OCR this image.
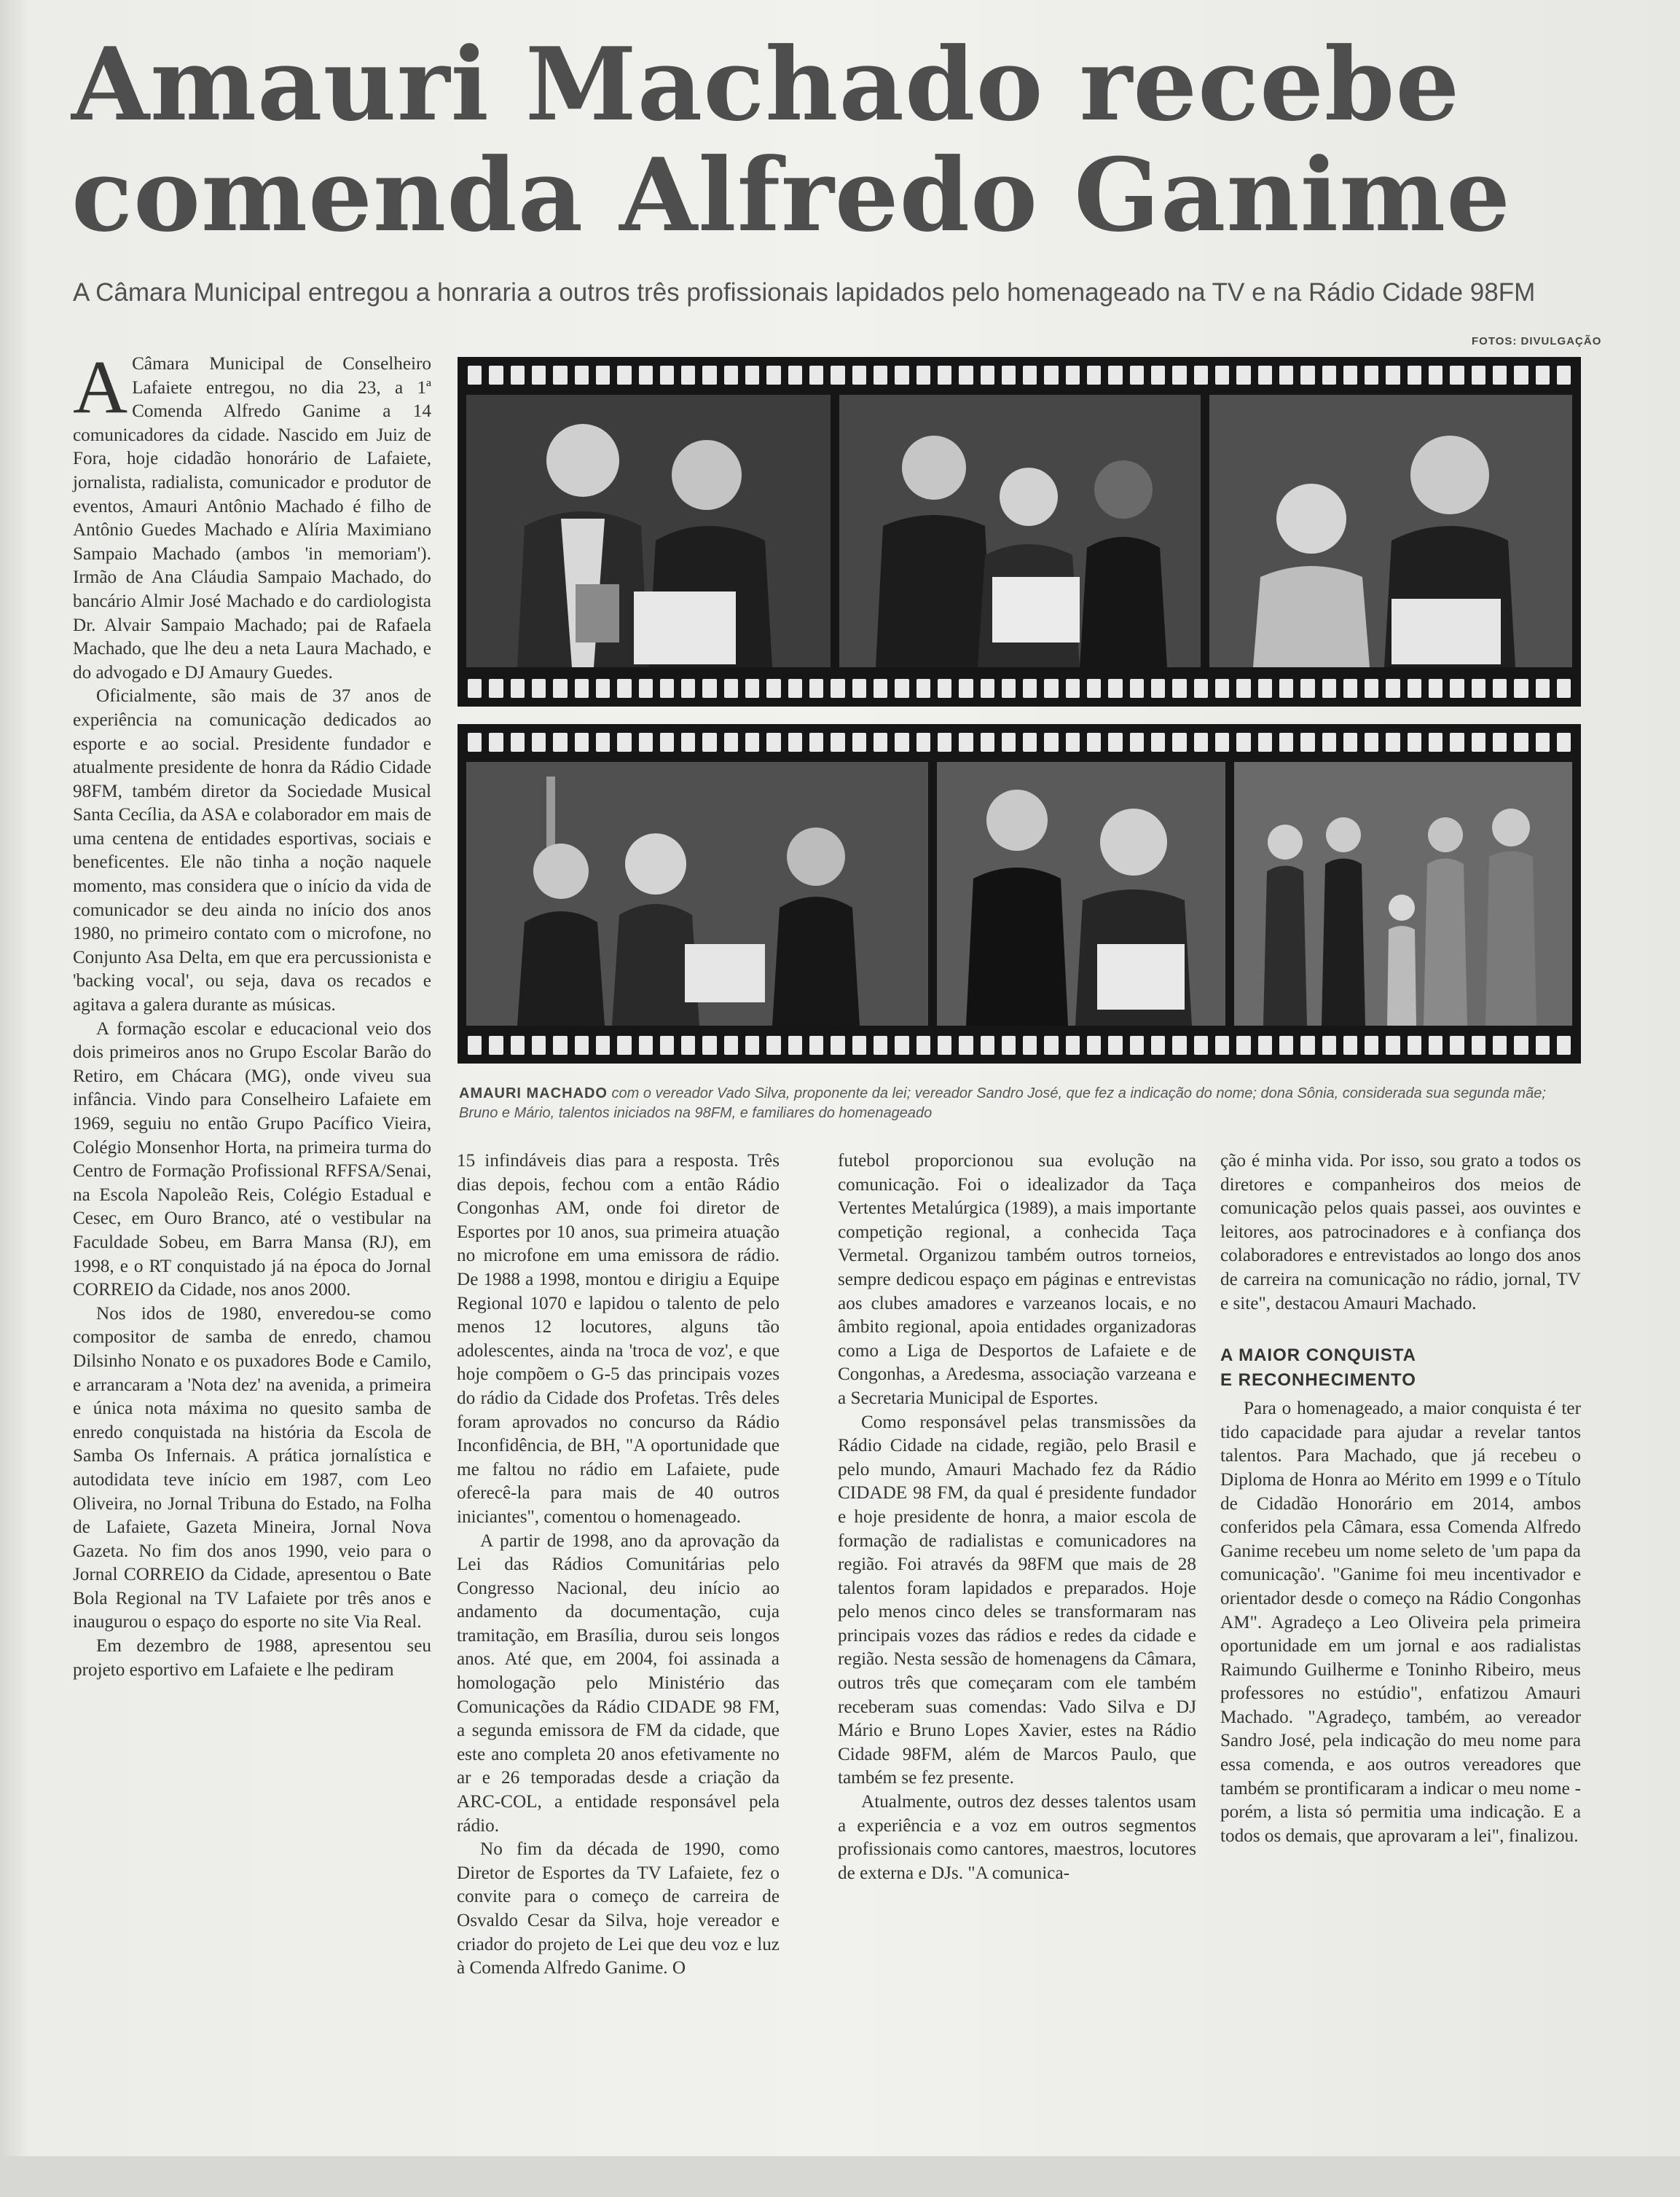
Amauri Machado recebe
comenda Alfredo Ganime
A Câmara Municipal entregou a honraria a outros três profissionais lapidados pelo homenageado na TV e na Rádio Cidade 98FM
FOTOS: DIVULGAÇÃO

A Câmara Municipal de Conselheiro Lafaiete entregou, no dia 23, a 1ª Comenda Alfredo Ganime a 14 comunicadores da cidade. Nascido em Juiz de Fora, hoje cidadão honorário de Lafaiete, jornalista, radialista, comunicador e produtor de eventos, Amauri Antônio Machado é filho de Antônio Guedes Machado e Alíria Maximiano Sampaio Machado (ambos 'in memoriam'). Irmão de Ana Cláudia Sampaio Machado, do bancário Almir José Machado e do cardiologista Dr. Alvair Sampaio Machado; pai de Rafaela Machado, que lhe deu a neta Laura Machado, e do advogado e DJ Amaury Guedes.

Oficialmente, são mais de 37 anos de experiência na comunicação dedicados ao esporte e ao social. Presidente fundador e atualmente presidente de honra da Rádio Cidade 98FM, também diretor da Sociedade Musical Santa Cecília, da ASA e colaborador em mais de uma centena de entidades esportivas, sociais e beneficentes. Ele não tinha a noção naquele momento, mas considera que o início da vida de comunicador se deu ainda no início dos anos 1980, no primeiro contato com o microfone, no Conjunto Asa Delta, em que era percussionista e 'backing vocal', ou seja, dava os recados e agitava a galera durante as músicas.

A formação escolar e educacional veio dos dois primeiros anos no Grupo Escolar Barão do Retiro, em Chácara (MG), onde viveu sua infância. Vindo para Conselheiro Lafaiete em 1969, seguiu no então Grupo Pacífico Vieira, Colégio Monsenhor Horta, na primeira turma do Centro de Formação Profissional RFFSA/Senai, na Escola Napoleão Reis, Colégio Estadual e Cesec, em Ouro Branco, até o vestibular na Faculdade Sobeu, em Barra Mansa (RJ), em 1998, e o RT conquistado já na época do Jornal CORREIO da Cidade, nos anos 2000.

Nos idos de 1980, enveredou-se como compositor de samba de enredo, chamou Dilsinho Nonato e os puxadores Bode e Camilo, e arrancaram a 'Nota dez' na avenida, a primeira e única nota máxima no quesito samba de enredo conquistada na história da Escola de Samba Os Infernais. A prática jornalística e autodidata teve início em 1987, com Leo Oliveira, no Jornal Tribuna do Estado, na Folha de Lafaiete, Gazeta Mineira, Jornal Nova Gazeta. No fim dos anos 1990, veio para o Jornal CORREIO da Cidade, apresentou o Bate Bola Regional na TV Lafaiete por três anos e inaugurou o espaço do esporte no site Via Real.

Em dezembro de 1988, apresentou seu projeto esportivo em Lafaiete e lhe pediram

AMAURI MACHADO com o vereador Vado Silva, proponente da lei; vereador Sandro José, que fez a indicação do nome; dona Sônia, considerada sua segunda mãe; Bruno e Mário, talentos iniciados na 98FM, e familiares do homenageado

15 infindáveis dias para a resposta. Três dias depois, fechou com a então Rádio Congonhas AM, onde foi diretor de Esportes por 10 anos, sua primeira atuação no microfone em uma emissora de rádio. De 1988 a 1998, montou e dirigiu a Equipe Regional 1070 e lapidou o talento de pelo menos 12 locutores, alguns tão adolescentes, ainda na 'troca de voz', e que hoje compõem o G-5 das principais vozes do rádio da Cidade dos Profetas. Três deles foram aprovados no concurso da Rádio Inconfidência, de BH, "A oportunidade que me faltou no rádio em Lafaiete, pude oferecê-la para mais de 40 outros iniciantes", comentou o homenageado.

A partir de 1998, ano da aprovação da Lei das Rádios Comunitárias pelo Congresso Nacional, deu início ao andamento da documentação, cuja tramitação, em Brasília, durou seis longos anos. Até que, em 2004, foi assinada a homologação pelo Ministério das Comunicações da Rádio CIDADE 98 FM, a segunda emissora de FM da cidade, que este ano completa 20 anos efetivamente no ar e 26 temporadas desde a criação da ARC-COL, a entidade responsável pela rádio.

No fim da década de 1990, como Diretor de Esportes da TV Lafaiete, fez o convite para o começo de carreira de Osvaldo Cesar da Silva, hoje vereador e criador do projeto de Lei que deu voz e luz à Comenda Alfredo Ganime. O

futebol proporcionou sua evolução na comunicação. Foi o idealizador da Taça Vertentes Metalúrgica (1989), a mais importante competição regional, a conhecida Taça Vermetal. Organizou também outros torneios, sempre dedicou espaço em páginas e entrevistas aos clubes amadores e varzeanos locais, e no âmbito regional, apoia entidades organizadoras como a Liga de Desportos de Lafaiete e de Congonhas, a Aredesma, associação varzeana e a Secretaria Municipal de Esportes.

Como responsável pelas transmissões da Rádio Cidade na cidade, região, pelo Brasil e pelo mundo, Amauri Machado fez da Rádio CIDADE 98 FM, da qual é presidente fundador e hoje presidente de honra, a maior escola de formação de radialistas e comunicadores na região. Foi através da 98FM que mais de 28 talentos foram lapidados e preparados. Hoje pelo menos cinco deles se transformaram nas principais vozes das rádios e redes da cidade e região. Nesta sessão de homenagens da Câmara, outros três que começaram com ele também receberam suas comendas: Vado Silva e DJ Mário e Bruno Lopes Xavier, estes na Rádio Cidade 98FM, além de Marcos Paulo, que também se fez presente.

Atualmente, outros dez desses talentos usam a experiência e a voz em outros segmentos profissionais como cantores, maestros, locutores de externa e DJs. "A comunica-

ção é minha vida. Por isso, sou grato a todos os diretores e companheiros dos meios de comunicação pelos quais passei, aos ouvintes e leitores, aos patrocinadores e à confiança dos colaboradores e entrevistados ao longo dos anos de carreira na comunicação no rádio, jornal, TV e site", destacou Amauri Machado.

A MAIOR CONQUISTA
E RECONHECIMENTO

Para o homenageado, a maior conquista é ter tido capacidade para ajudar a revelar tantos talentos. Para Machado, que já recebeu o Diploma de Honra ao Mérito em 1999 e o Título de Cidadão Honorário em 2014, ambos conferidos pela Câmara, essa Comenda Alfredo Ganime recebeu um nome seleto de 'um papa da comunicação'. "Ganime foi meu incentivador e orientador desde o começo na Rádio Congonhas AM". Agradeço a Leo Oliveira pela primeira oportunidade em um jornal e aos radialistas Raimundo Guilherme e Toninho Ribeiro, meus professores no estúdio", enfatizou Amauri Machado. "Agradeço, também, ao vereador Sandro José, pela indicação do meu nome para essa comenda, e aos outros vereadores que também se prontificaram a indicar o meu nome - porém, a lista só permitia uma indicação. E a todos os demais, que aprovaram a lei", finalizou.
